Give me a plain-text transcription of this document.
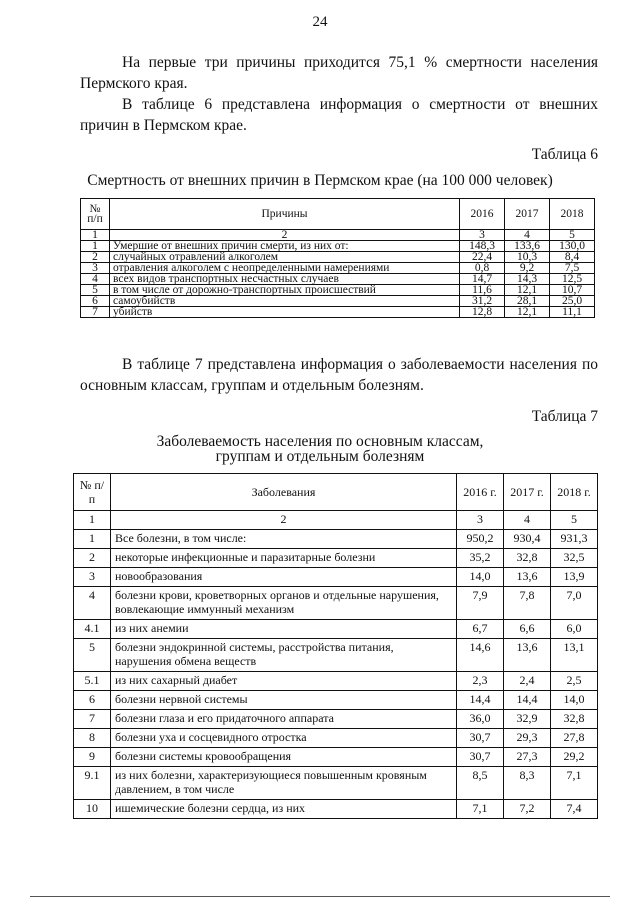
24
На первые три причины приходится 75,1 % смертности населения Пермского края.
В таблице 6 представлена информация о смертности от внешних причин в Пермском крае.
Таблица 6
Смертность от внешних причин в Пермском крае (на 100 000 человек)
№ п/п	Причины	2016	2017	2018
1	2	3	4	5
1	Умершие от внешних причин смерти, из них от:	148,3	133,6	130,0
2	случайных отравлений алкоголем	22,4	10,3	8,4
3	отравления алкоголем с неопределенными намерениями	0,8	9,2	7,5
4	всех видов транспортных несчастных случаев	14,7	14,3	12,5
5	в том числе от дорожно-транспортных происшествий	11,6	12,1	10,7
6	самоубийств	31,2	28,1	25,0
7	убийств	12,8	12,1	11,1
В таблице 7 представлена информация о заболеваемости населения по основным классам, группам и отдельным болезням.
Таблица 7
Заболеваемость населения по основным классам,
группам и отдельным болезням
№ п/п	Заболевания	2016 г.	2017 г.	2018 г.
1	2	3	4	5
1	Все болезни, в том числе:	950,2	930,4	931,3
2	некоторые инфекционные и паразитарные болезни	35,2	32,8	32,5
3	новообразования	14,0	13,6	13,9
4	болезни крови, кроветворных органов и отдельные нарушения, вовлекающие иммунный механизм	7,9	7,8	7,0
4.1	из них анемии	6,7	6,6	6,0
5	болезни эндокринной системы, расстройства питания, нарушения обмена веществ	14,6	13,6	13,1
5.1	из них сахарный диабет	2,3	2,4	2,5
6	болезни нервной системы	14,4	14,4	14,0
7	болезни глаза и его придаточного аппарата	36,0	32,9	32,8
8	болезни уха и сосцевидного отростка	30,7	29,3	27,8
9	болезни системы кровообращения	30,7	27,3	29,2
9.1	из них болезни, характеризующиеся повышенным кровяным давлением, в том числе	8,5	8,3	7,1
10	ишемические болезни сердца, из них	7,1	7,2	7,4
